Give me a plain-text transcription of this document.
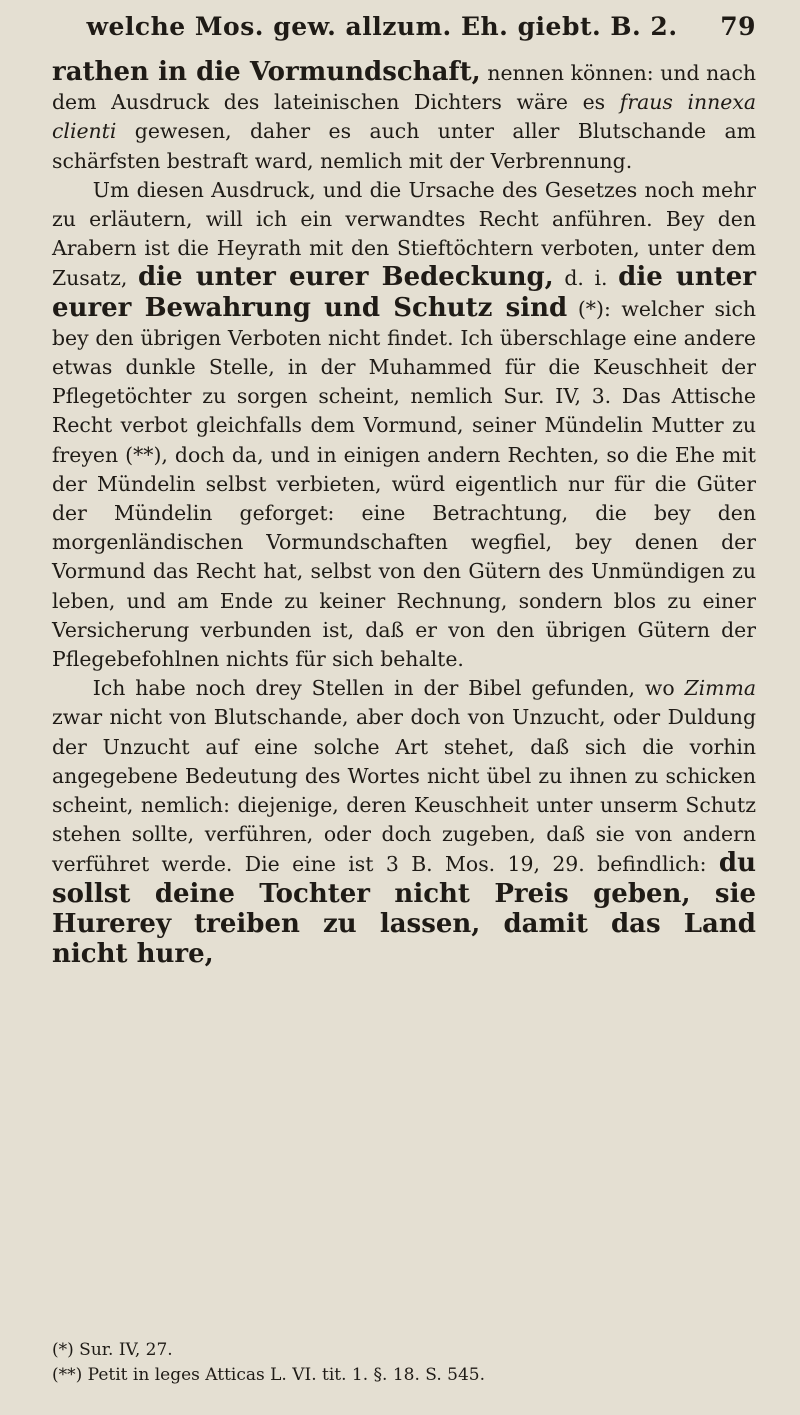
welche Mos. gew. allzum. Eh. giebt. B. 2.	79

rathen in die Vormundschaft, nennen können: und nach dem Ausdruck des lateinischen Dichters wäre es fraus innexa clienti gewesen, daher es auch unter aller Blutschande am schärfsten bestraft ward, nemlich mit der Verbrennung.

Um diesen Ausdruck, und die Ursache des Gesetzes noch mehr zu erläutern, will ich ein verwandtes Recht anführen. Bey den Arabern ist die Heyrath mit den Stieftöchtern verboten, unter dem Zusatz, die unter eurer Bedeckung, d. i. die unter eurer Bewahrung und Schutz sind (*): welcher sich bey den übrigen Verboten nicht findet. Ich überschlage eine andere etwas dunkle Stelle, in der Muhammed für die Keuschheit der Pflegetöchter zu sorgen scheint, nemlich Sur. IV, 3. Das Attische Recht verbot gleichfalls dem Vormund, seiner Mündelin Mutter zu freyen (**), doch da, und in einigen andern Rechten, so die Ehe mit der Mündelin selbst verbieten, würd eigentlich nur für die Güter der Mündelin geforget: eine Betrachtung, die bey den morgenländischen Vormundschaften wegfiel, bey denen der Vormund das Recht hat, selbst von den Gütern des Unmündigen zu leben, und am Ende zu keiner Rechnung, sondern blos zu einer Versicherung verbunden ist, daß er von den übrigen Gütern der Pflegebefohlnen nichts für sich behalte.

Ich habe noch drey Stellen in der Bibel gefunden, wo Zimma zwar nicht von Blutschande, aber doch von Unzucht, oder Duldung der Unzucht auf eine solche Art stehet, daß sich die vorhin angegebene Bedeutung des Wortes nicht übel zu ihnen zu schicken scheint, nemlich: diejenige, deren Keuschheit unter unserm Schutz stehen sollte, verführen, oder doch zugeben, daß sie von andern verführet werde. Die eine ist 3 B. Mos. 19, 29. befindlich: du sollst deine Tochter nicht Preis geben, sie Hurerey treiben zu lassen, damit das Land nicht hure,

(*) Sur. IV, 27.
(**) Petit in leges Atticas L. VI. tit. 1. §. 18. S. 545.
